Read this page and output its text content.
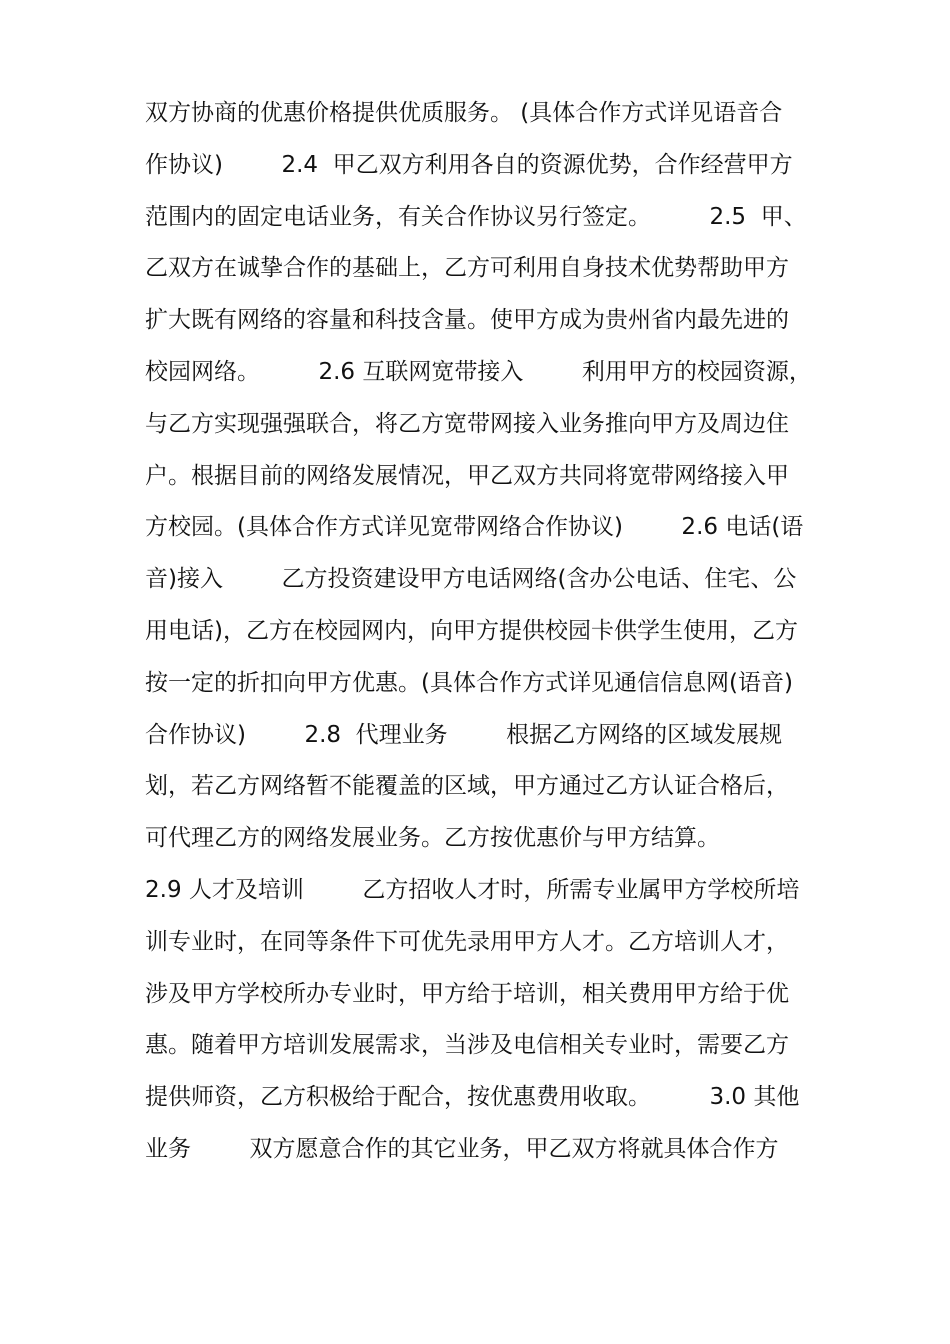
双方协商的优惠价格提供优质服务。 (具体合作方式详见语音合
作协议)        2.4  甲乙双方利用各自的资源优势，合作经营甲方
范围内的固定电话业务，有关合作协议另行签定。        2.5  甲、
乙双方在诚挚合作的基础上，乙方可利用自身技术优势帮助甲方
扩大既有网络的容量和科技含量。使甲方成为贵州省内最先进的
校园网络。        2.6 互联网宽带接入        利用甲方的校园资源，
与乙方实现强强联合，将乙方宽带网接入业务推向甲方及周边住
户。根据目前的网络发展情况，甲乙双方共同将宽带网络接入甲
方校园。(具体合作方式详见宽带网络合作协议)        2.6 电话(语
音)接入        乙方投资建设甲方电话网络(含办公电话、住宅、公
用电话)，乙方在校园网内，向甲方提供校园卡供学生使用，乙方
按一定的折扣向甲方优惠。(具体合作方式详见通信信息网(语音)
合作协议)        2.8  代理业务        根据乙方网络的区域发展规
划，若乙方网络暂不能覆盖的区域，甲方通过乙方认证合格后，
可代理乙方的网络发展业务。乙方按优惠价与甲方结算。
2.9 人才及培训        乙方招收人才时，所需专业属甲方学校所培
训专业时，在同等条件下可优先录用甲方人才。乙方培训人才，
涉及甲方学校所办专业时，甲方给于培训，相关费用甲方给于优
惠。随着甲方培训发展需求，当涉及电信相关专业时，需要乙方
提供师资，乙方积极给于配合，按优惠费用收取。        3.0 其他
业务        双方愿意合作的其它业务，甲乙双方将就具体合作方
